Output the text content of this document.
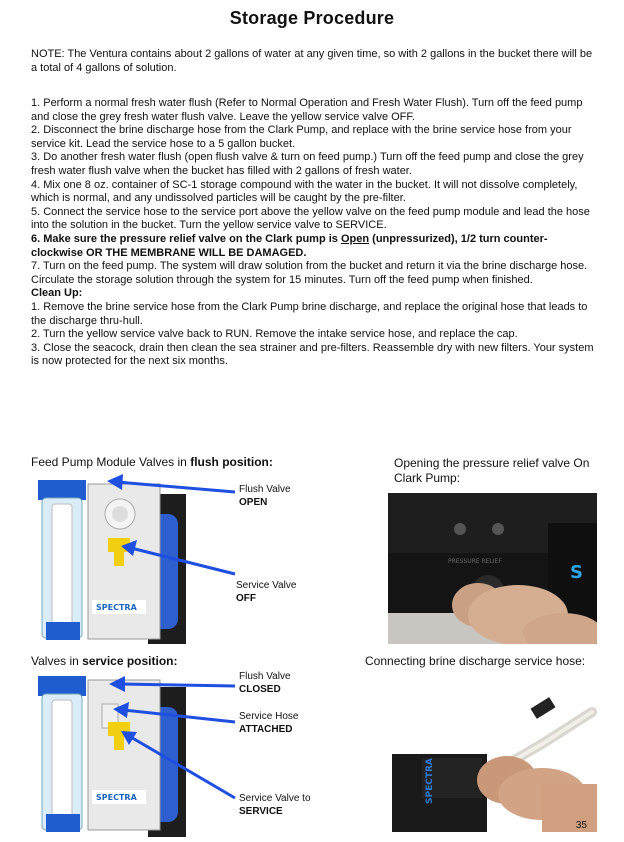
Storage Procedure

NOTE: The Ventura contains about 2 gallons of water at any given time, so with 2 gallons in the bucket there will be a total of 4 gallons of solution.

1. Perform a normal fresh water flush (Refer to Normal Operation and Fresh Water Flush). Turn off the feed pump and close the grey fresh water flush valve. Leave the yellow service valve OFF.

2. Disconnect the brine discharge hose from the Clark Pump, and replace with the brine service hose from your service kit. Lead the service hose to a 5 gallon bucket.

3. Do another fresh water flush (open flush valve & turn on feed pump.) Turn off the feed pump and close the grey fresh water flush valve when the bucket has filled with 2 gallons of fresh water.

4. Mix one 8 oz. container of SC-1 storage compound with the water in the bucket. It will not dissolve completely, which is normal, and any undissolved particles will be caught by the pre-filter.

5. Connect the service hose to the service port above the yellow valve on the feed pump module and lead the hose into the solution in the bucket. Turn the yellow service valve to SERVICE.

6. Make sure the pressure relief valve on the Clark pump is Open (unpressurized), 1/2 turn counter-clockwise OR THE MEMBRANE WILL BE DAMAGED.

7. Turn on the feed pump. The system will draw solution from the bucket and return it via the brine discharge hose. Circulate the storage solution through the system for 15 minutes. Turn off the feed pump when finished.

Clean Up:

1. Remove the brine service hose from the Clark Pump brine discharge, and replace the original hose that leads to the discharge thru-hull.

2. Turn the yellow service valve back to RUN. Remove the intake service hose, and replace the cap.

3. Close the seacock, drain then clean the sea strainer and pre-filters. Reassemble dry with new filters. Your system is now protected for the next six months.

Feed Pump Module Valves in flush position:
SPECTRA
Flush Valve
OPEN
Service Valve
OFF
Opening the pressure relief valve On Clark Pump:
PRESSURE RELIEF
S
Valves in service position:
SPECTRA
Flush Valve
CLOSED
Service Hose
ATTACHED
Service Valve to
SERVICE
Connecting brine discharge service hose:
SPECTRA
35
